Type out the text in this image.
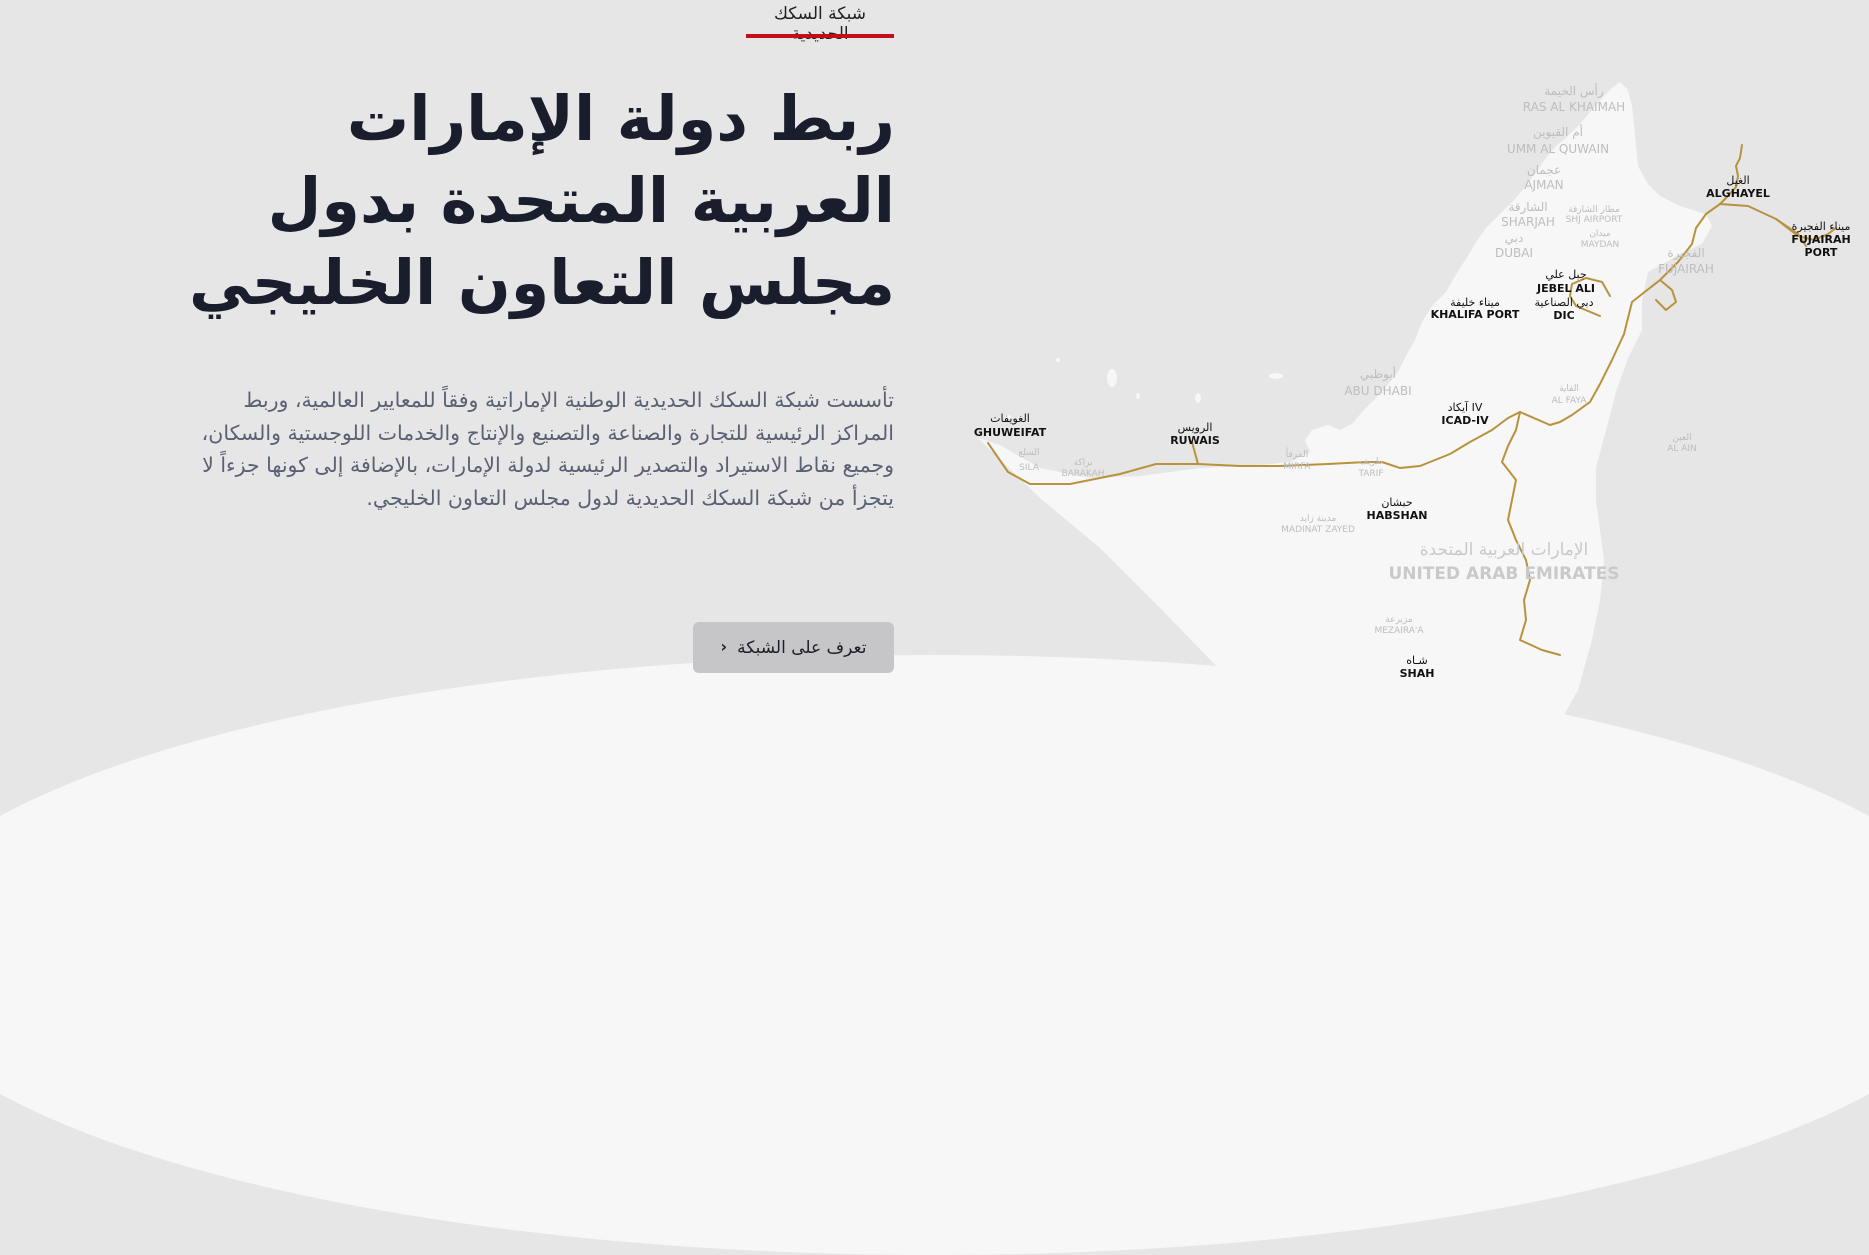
شبكة السكك
ربط دولة الإمارات العربية المتحدة بدول مجلس التعاون الخليجي

تأسست شبكة السكك الحديدية الوطنية الإماراتية وفقاً للمعايير العالمية، وربط المراكز الرئيسية للتجارة والصناعة والتصنيع والإنتاج والخدمات اللوجستية والسكان، وجميع نقاط الاستيراد والتصدير الرئيسية لدولة الإمارات، بالإضافة إلى كونها جزءاً لا يتجزأ من شبكة السكك الحديدية لدول مجلس التعاون الخليجي.

تعرف على الشبكة
‹
رأس الخيمة
RAS AL KHAIMAH
أم القيوين
UMM AL QUWAIN
عجمان
AJMAN
الشارقة
SHARJAH
دبي
DUBAI	الفجيرة
FUJAIRAH
أبوظبي
ABU DHABI
العين
AL AIN
الإمارات العربية المتحدة
UNITED ARAB EMIRATES
مطار الشارقة
SHJ AIRPORT
ميدان
MAYDAN
الفاية
AL FAYA
المرفأ
MIRFA	طريف
TARIF
السلع
SILA	براكة
BARAKAH
مدينة زايد
MADINAT ZAYED
مزيرعة
MEZAIRA'A
الغيل
ALGHAYEL
ميناء الفجيرة
FUJAIRAH
PORT
جبل علي
JEBEL ALI
دبي الصناعية
DIC
ميناء خليفة
KHALIFA PORT
آيكاد IV
ICAD-IV
الرويس
RUWAIS
الغويفات
GHUWEIFAT
حبشان
HABSHAN
شـاه
SHAH
